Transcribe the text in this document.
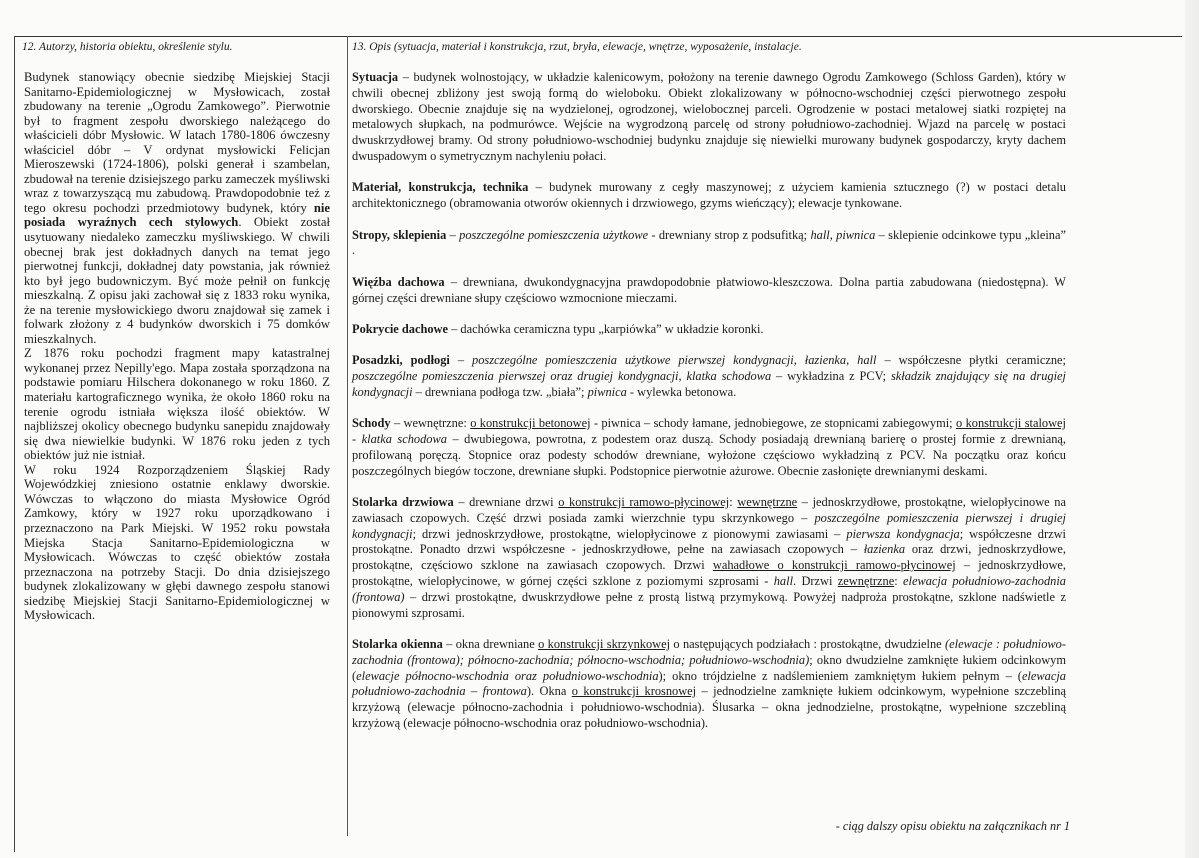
12. Autorzy, historia obiektu, określenie stylu.	13. Opis (sytuacja, materiał i konstrukcja, rzut, bryła, elewacje, wnętrze, wyposażenie, instalacje.

Budynek stanowiący obecnie siedzibę Miejskiej Stacji Sanitarno-Epidemiologicznej w Mysłowicach, został zbudowany na terenie „Ogrodu Zamkowego”. Pierwotnie był to fragment zespołu dworskiego należącego do właścicieli dóbr Mysłowic. W latach 1780-1806 ówczesny właściciel dóbr – V ordynat mysłowicki Felicjan Mieroszewski (1724-1806), polski generał i szambelan, zbudował na terenie dzisiejszego parku zameczek myśliwski wraz z towarzyszącą mu zabudową. Prawdopodobnie też z tego okresu pochodzi przedmiotowy budynek, który nie posiada wyraźnych cech stylowych. Obiekt został usytuowany niedaleko zameczku myśliwskiego. W chwili obecnej brak jest dokładnych danych na temat jego pierwotnej funkcji, dokładnej daty powstania, jak również kto był jego budowniczym. Być może pełnił on funkcję mieszkalną. Z opisu jaki zachował się z 1833 roku wynika, że na terenie mysłowickiego dworu znajdował się zamek i folwark złożony z 4 budynków dworskich i 75 domków mieszkalnych.

Z 1876 roku pochodzi fragment mapy katastralnej wykonanej przez Nepilly'ego. Mapa została sporządzona na podstawie pomiaru Hilschera dokonanego w roku 1860. Z materiału kartograficznego wynika, że około 1860 roku na terenie ogrodu istniała większa ilość obiektów. W najbliższej okolicy obecnego budynku sanepidu znajdowały się dwa niewielkie budynki. W 1876 roku jeden z tych obiektów już nie istniał.

W roku 1924 Rozporządzeniem Śląskiej Rady Wojewódzkiej zniesiono ostatnie enklawy dworskie. Wówczas to włączono do miasta Mysłowice Ogród Zamkowy, który w 1927 roku uporządkowano i przeznaczono na Park Miejski. W 1952 roku powstała Miejska Stacja Sanitarno-Epidemiologiczna w Mysłowicach. Wówczas to część obiektów została przeznaczona na potrzeby Stacji. Do dnia dzisiejszego budynek zlokalizowany w głębi dawnego zespołu stanowi siedzibę Miejskiej Stacji Sanitarno-Epidemiologicznej w Mysłowicach.

Sytuacja – budynek wolnostojący, w układzie kalenicowym, położony na terenie dawnego Ogrodu Zamkowego (Schloss Garden), który w chwili obecnej zbliżony jest swoją formą do wieloboku. Obiekt zlokalizowany w północno-wschodniej części pierwotnego zespołu dworskiego. Obecnie znajduje się na wydzielonej, ogrodzonej, wielobocznej parceli. Ogrodzenie w postaci metalowej siatki rozpiętej na metalowych słupkach, na podmurówce. Wejście na wygrodzoną parcelę od strony południowo-zachodniej. Wjazd na parcelę w postaci dwuskrzydłowej bramy. Od strony południowo-wschodniej budynku znajduje się niewielki murowany budynek gospodarczy, kryty dachem dwuspadowym o symetrycznym nachyleniu połaci.

Materiał, konstrukcja, technika – budynek murowany z cegły maszynowej; z użyciem kamienia sztucznego (?) w postaci detalu architektonicznego (obramowania otworów okiennych i drzwiowego, gzyms wieńczący); elewacje tynkowane.

Stropy, sklepienia – poszczególne pomieszczenia użytkowe - drewniany strop z podsufitką; hall, piwnica – sklepienie odcinkowe typu „kleina” .

Więźba dachowa – drewniana, dwukondygnacyjna prawdopodobnie płatwiowo-kleszczowa. Dolna partia zabudowana (niedostępna). W górnej części drewniane słupy częściowo wzmocnione mieczami.

Pokrycie dachowe – dachówka ceramiczna typu „karpiówka” w układzie koronki.

Posadzki, podłogi – poszczególne pomieszczenia użytkowe pierwszej kondygnacji, łazienka, hall – współczesne płytki ceramiczne; poszczególne pomieszczenia pierwszej oraz drugiej kondygnacji, klatka schodowa – wykładzina z PCV; składzik znajdujący się na drugiej kondygnacji – drewniana podłoga tzw. „biała”; piwnica - wylewka betonowa.

Schody – wewnętrzne: o konstrukcji betonowej - piwnica – schody łamane, jednobiegowe, ze stopnicami zabiegowymi; o konstrukcji stalowej - klatka schodowa – dwubiegowa, powrotna, z podestem oraz duszą. Schody posiadają drewnianą barierę o prostej formie z drewnianą, profilowaną poręczą. Stopnice oraz podesty schodów drewniane, wyłożone częściowo wykładziną z PCV. Na początku oraz końcu poszczególnych biegów toczone, drewniane słupki. Podstopnice pierwotnie ażurowe. Obecnie zasłonięte drewnianymi deskami.

Stolarka drzwiowa – drewniane drzwi o konstrukcji ramowo-płycinowej: wewnętrzne – jednoskrzydłowe, prostokątne, wielopłycinowe na zawiasach czopowych. Część drzwi posiada zamki wierzchnie typu skrzynkowego – poszczególne pomieszczenia pierwszej i drugiej kondygnacji; drzwi jednoskrzydłowe, prostokątne, wielopłycinowe z pionowymi zawiasami – pierwsza kondygnacja; współczesne drzwi prostokątne. Ponadto drzwi współczesne - jednoskrzydłowe, pełne na zawiasach czopowych – łazienka oraz drzwi, jednoskrzydłowe, prostokątne, częściowo szklone na zawiasach czopowych. Drzwi wahadłowe o konstrukcji ramowo-płycinowej – jednoskrzydłowe, prostokątne, wielopłycinowe, w górnej części szklone z poziomymi szprosami - hall. Drzwi zewnętrzne: elewacja południowo-zachodnia (frontowa) – drzwi prostokątne, dwuskrzydłowe pełne z prostą listwą przymykową. Powyżej nadproża prostokątne, szklone nadświetle z pionowymi szprosami.

Stolarka okienna – okna drewniane o konstrukcji skrzynkowej o następujących podziałach : prostokątne, dwudzielne (elewacje : południowo-zachodnia (frontowa); północno-zachodnia; północno-wschodnia; południowo-wschodnia); okno dwudzielne zamknięte łukiem odcinkowym (elewacje północno-wschodnia oraz południowo-wschodnia); okno trójdzielne z nadślemieniem zamkniętym łukiem pełnym – (elewacja południowo-zachodnia – frontowa). Okna o konstrukcji krosnowej – jednodzielne zamknięte łukiem odcinkowym, wypełnione szczebliną krzyżową (elewacje północno-zachodnia i południowo-wschodnia). Ślusarka – okna jednodzielne, prostokątne, wypełnione szczebliną krzyżową (elewacje północno-wschodnia oraz południowo-wschodnia).

- ciąg dalszy opisu obiektu na załącznikach nr 1
